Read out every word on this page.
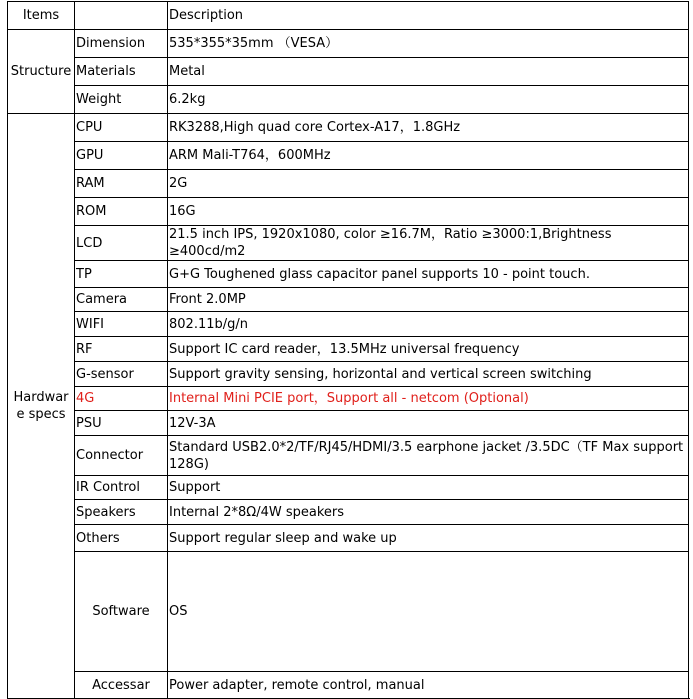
Items		Description	
Structure	Dimension	535*355*35mm （VESA）	
	Materials	Metal	
	Weight	6.2kg	
Hardwar e specs	CPU	RK3288,High quad core Cortex-A17，1.8GHz	
	GPU	ARM Mali-T764，600MHz	
	RAM	2G	
	ROM	16G	
	LCD	21.5 inch IPS, 1920x1080, color ≥16.7M，Ratio ≥3000:1,Brightness ≥400cd/m2	
	TP	G+G Toughened glass capacitor panel supports 10 - point touch.	
	Camera	Front 2.0MP	
	WIFI	802.11b/g/n	
	RF	Support IC card reader，13.5MHz universal frequency	
	G-sensor	Support gravity sensing, horizontal and vertical screen switching	
	4G	Internal Mini PCIE port，Support all - netcom (Optional)	
	PSU	12V-3A	
	Connector	Standard USB2.0*2/TF/RJ45/HDMI/3.5 earphone jacket /3.5DC（TF Max support 128G)	
	IR Control	Support	
	Speakers	Internal 2*8Ω/4W speakers	
	Others	Support regular sleep and wake up	
	Software	OS	
	Accessar	Power adapter, remote control, manual	
